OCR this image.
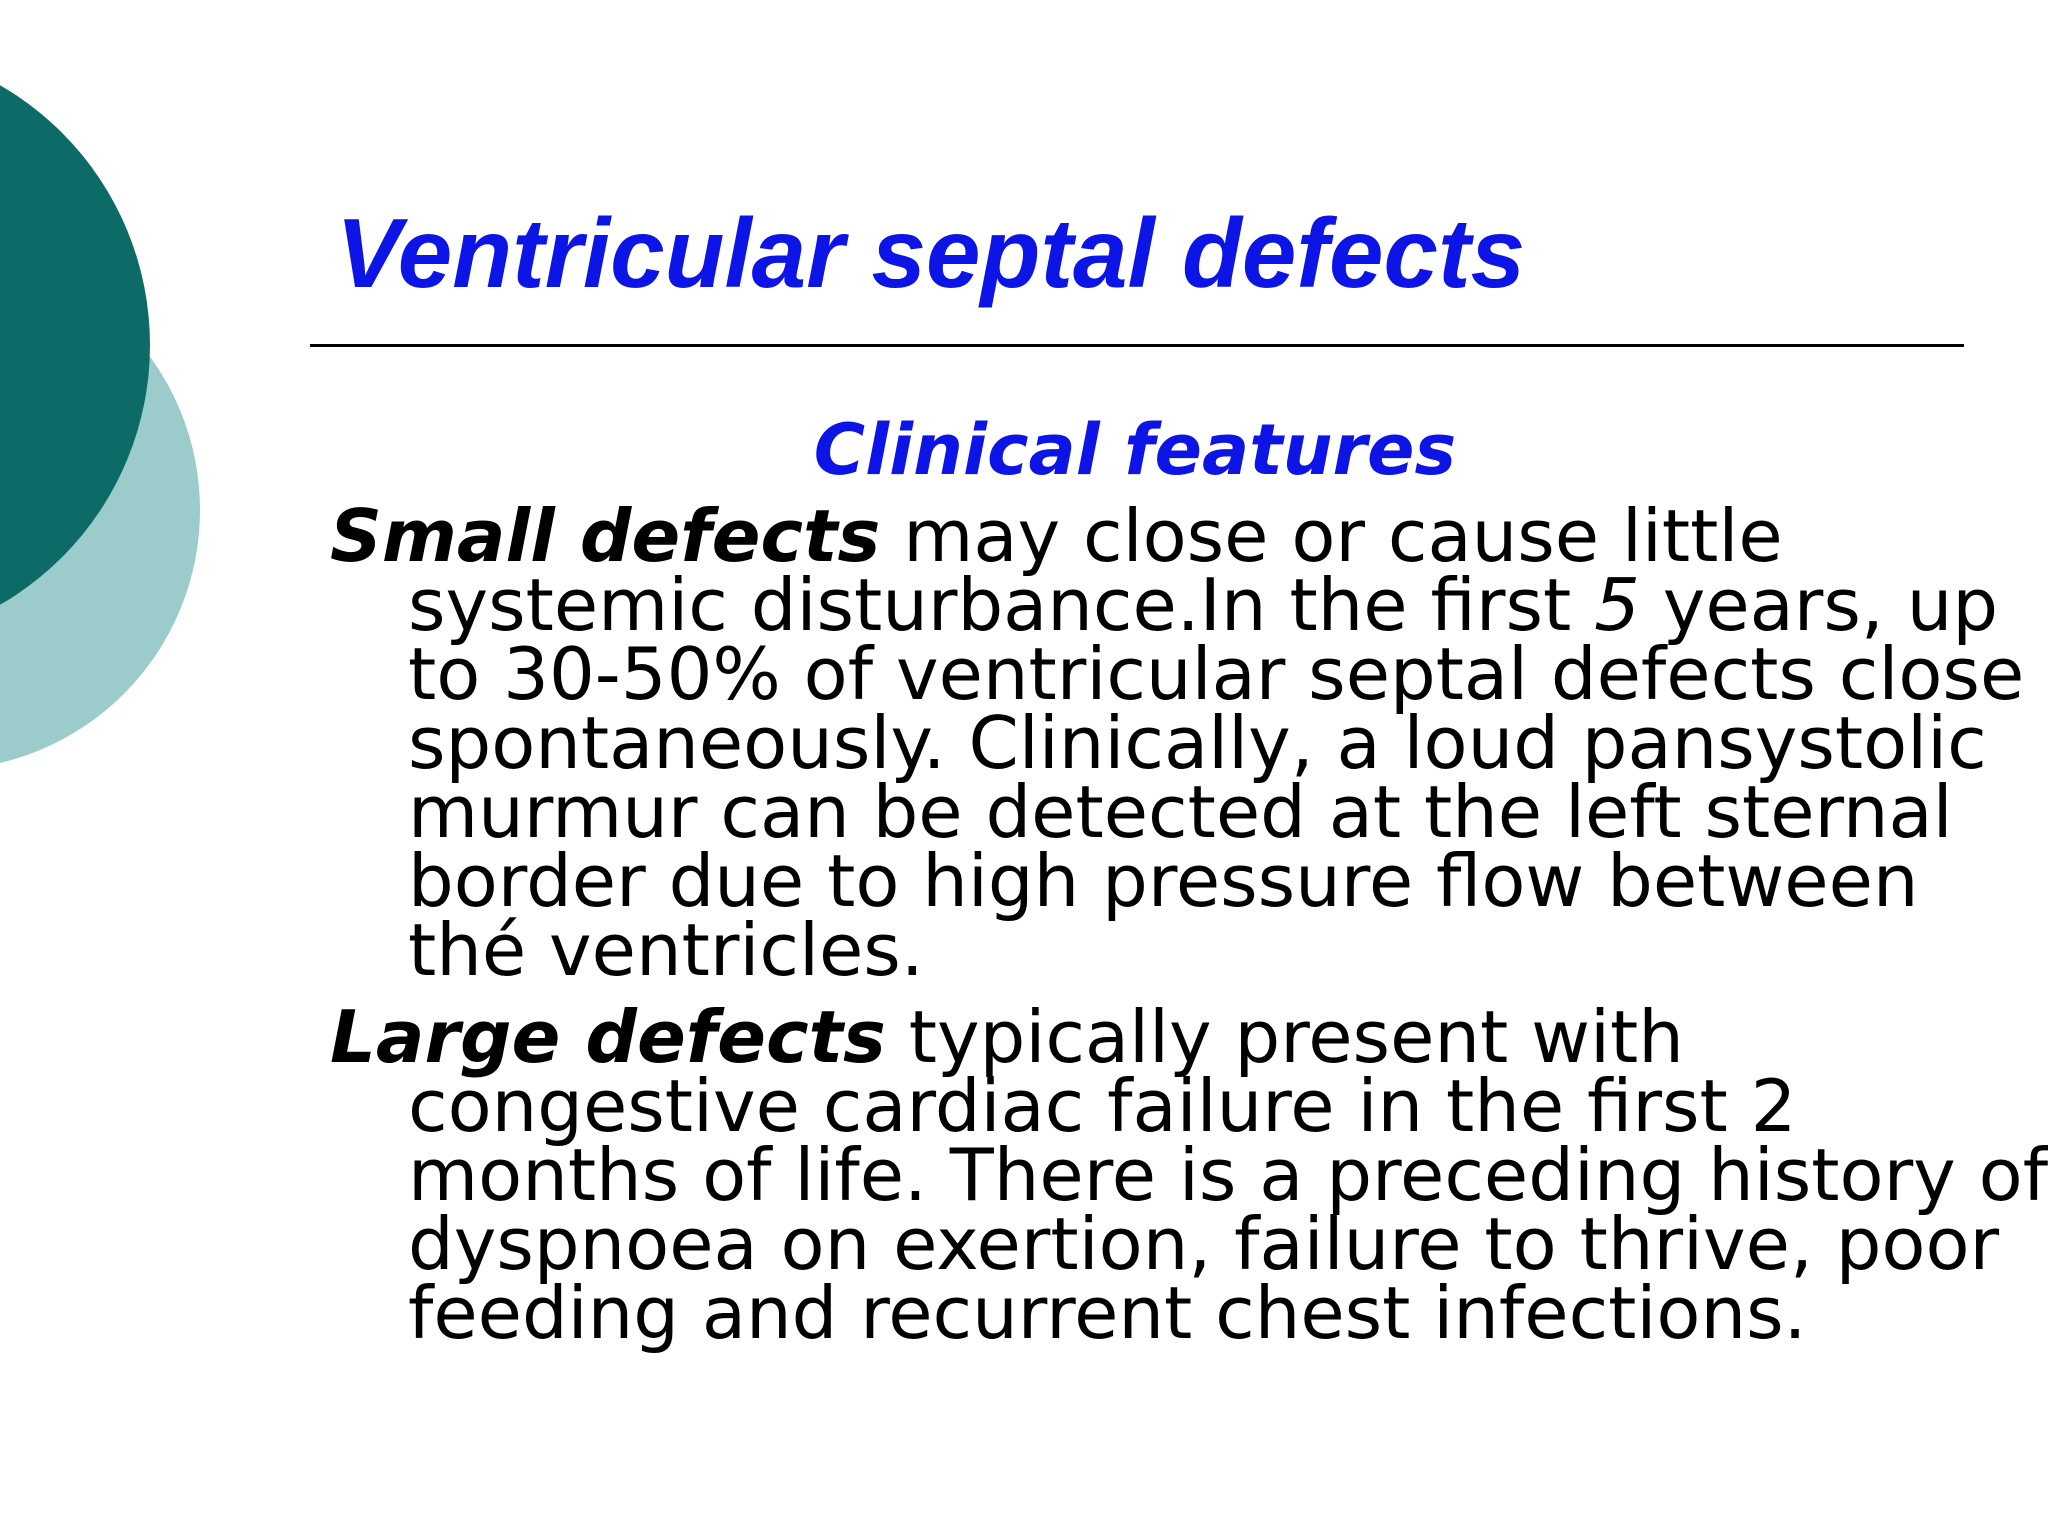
Ventricular septal defects
Clinical features

Small defects may close or cause little systemic disturbance.In the first 5 years, up to 30-50% of ventricular septal defects close spontaneously. Clinically, a loud pansystolic murmur can be detected at the left sternal border due to high pressure flow between thé ventricles.

Large defects typically present with congestive cardiac failure in the first 2 months of life. There is a preceding history of dyspnoea on exertion, failure to thrive, poor feeding and recurrent chest infections.
